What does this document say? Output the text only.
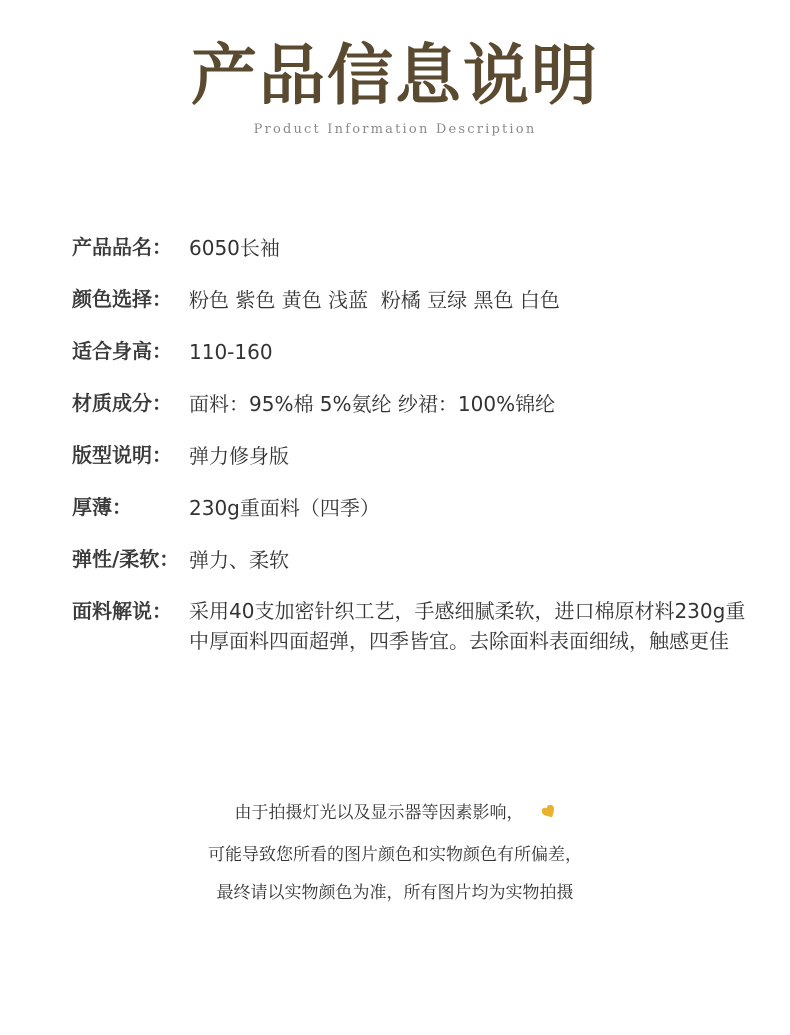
产品信息说明
Product Information Description
产品品名： 6050长袖
颜色选择： 粉色 紫色 黄色 浅蓝  粉橘 豆绿 黑色 白色
适合身高： 110-160
材质成分： 面料：95%棉 5%氨纶 纱裙：100%锦纶
版型说明： 弹力修身版
厚薄：	230g重面料（四季）
弹性/柔软： 弹力、柔软
面料解说： 采用40支加密针织工艺，手感细腻柔软，进口棉原材料230g重中厚面料四面超弹，四季皆宜。去除面料表面细绒，触感更佳
由于拍摄灯光以及显示器等因素影响，
可能导致您所看的图片颜色和实物颜色有所偏差，
最终请以实物颜色为准，所有图片均为实物拍摄
